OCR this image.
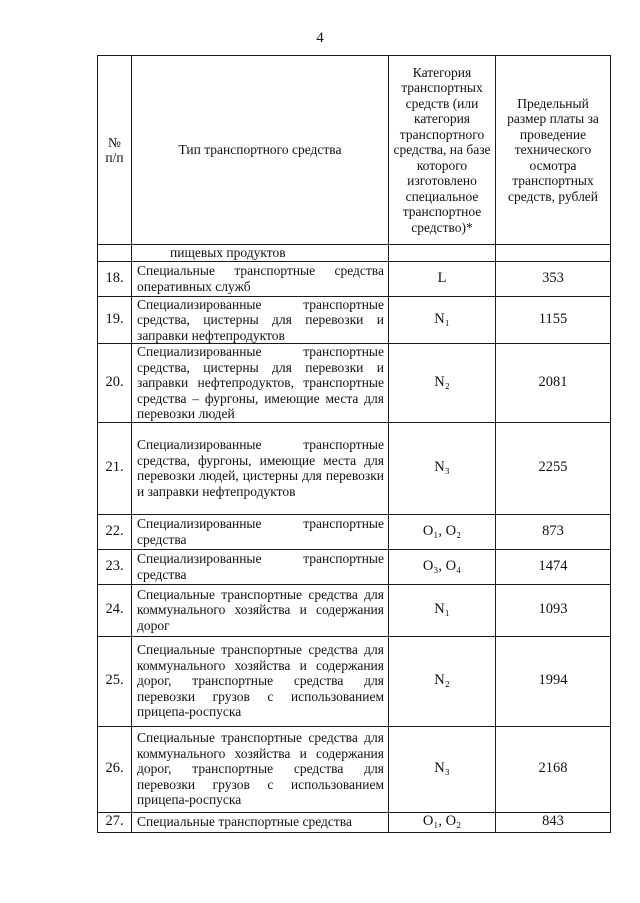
4
№
п/п	Тип транспортного средства	Категория транспортных средств (или категория транспортного средства, на базе которого изготовлено специальное транспортное средство)*	Предельный размер платы за проведение технического осмотра транспортных средств, рублей
	пищевых продуктов		
18.	Специальные транспортные средства оперативных служб	L	353
19.	Специализированные транспортные средства, цистерны для перевозки и заправки нефтепродуктов	N₁	1155
20.	Специализированные транспортные средства, цистерны для перевозки и заправки нефтепродуктов, транспортные средства – фургоны, имеющие места для перевозки людей	N₂	2081
21.	Специализированные транспортные средства, фургоны, имеющие места для перевозки людей, цистерны для перевозки и заправки нефтепродуктов	N₃	2255
22.	Специализированные транспортные средства	O₁, O₂	873
23.	Специализированные транспортные средства	O₃, O₄	1474
24.	Специальные транспортные средства для коммунального хозяйства и содержания дорог	N₁	1093
25.	Специальные транспортные средства для коммунального хозяйства и содержания дорог, транспортные средства для перевозки грузов с использованием прицепа-роспуска	N₂	1994
26.	Специальные транспортные средства для коммунального хозяйства и содержания дорог, транспортные средства для перевозки грузов с использованием прицепа-роспуска	N₃	2168
27.	Специальные транспортные средства	O₁, O₂	843
